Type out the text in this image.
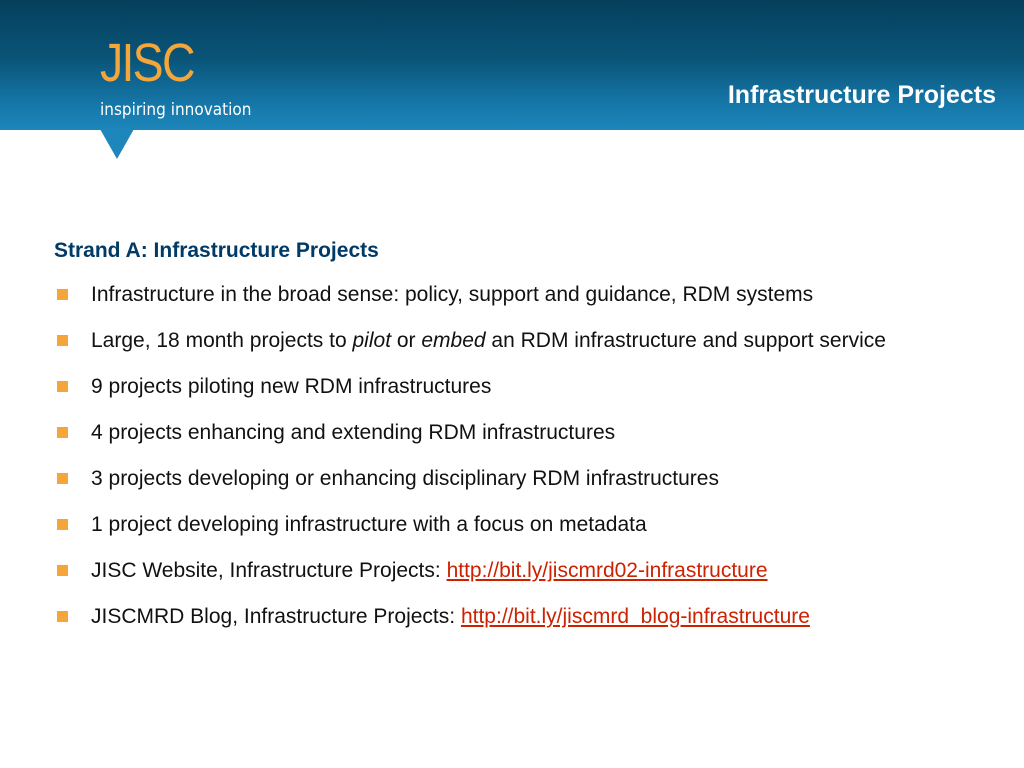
JISC
inspiring innovation
Infrastructure Projects
Strand A: Infrastructure Projects
Infrastructure in the broad sense: policy, support and guidance, RDM systems
Large, 18 month projects to pilot or embed an RDM infrastructure and support service
9 projects piloting new RDM infrastructures
4 projects enhancing and extending RDM infrastructures
3 projects developing or enhancing disciplinary RDM infrastructures
1 project developing infrastructure with a focus on metadata
JISC Website, Infrastructure Projects: http://bit.ly/jiscmrd02-infrastructure
JISCMRD Blog, Infrastructure Projects: http://bit.ly/jiscmrd_blog-infrastructure
